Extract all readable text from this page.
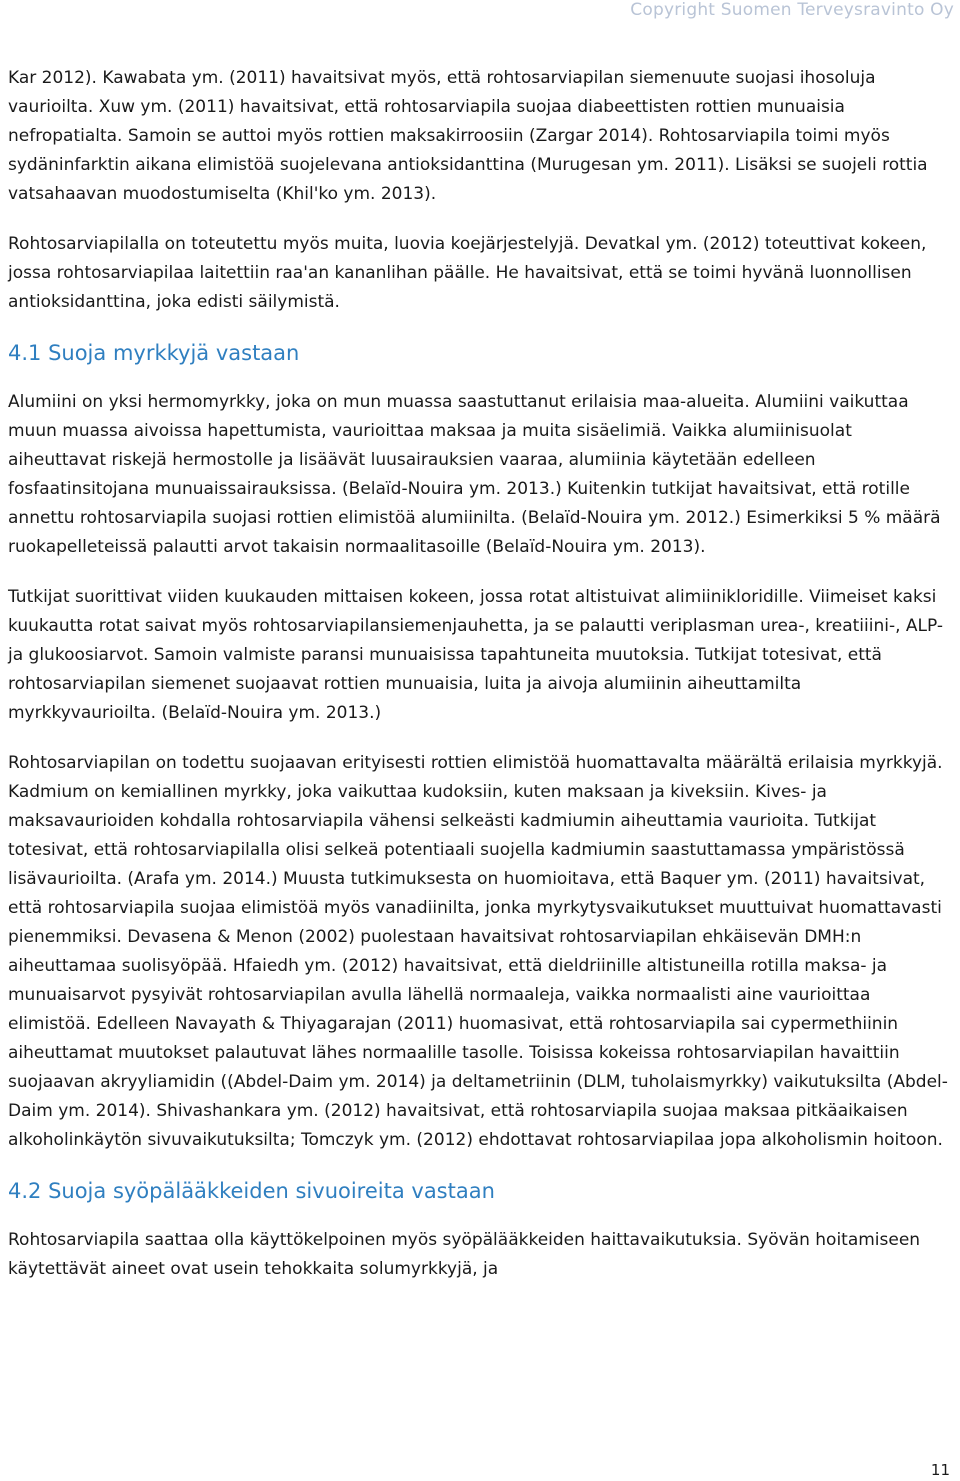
Copyright Suomen Terveysravinto Oy

Kar 2012). Kawabata ym. (2011) havaitsivat myös, että rohtosarviapilan siemenuute suojasi ihosoluja vaurioilta. Xuw ym. (2011) havaitsivat, että rohtosarviapila suojaa diabeettisten rottien munuaisia nefropatialta. Samoin se auttoi myös rottien maksakirroosiin (Zargar 2014). Rohtosarviapila toimi myös sydäninfarktin aikana elimistöä suojelevana antioksidanttina (Murugesan ym. 2011). Lisäksi se suojeli rottia vatsahaavan muodostumiselta (Khil'ko ym. 2013).

Rohtosarviapilalla on toteutettu myös muita, luovia koejärjestelyjä. Devatkal ym. (2012) toteuttivat kokeen, jossa rohtosarviapilaa laitettiin raa'an kananlihan päälle. He havaitsivat, että se toimi hyvänä luonnollisen antioksidanttina, joka edisti säilymistä.

4.1 Suoja myrkkyjä vastaan

Alumiini on yksi hermomyrkky, joka on mun muassa saastuttanut erilaisia maa-alueita. Alumiini vaikuttaa muun muassa aivoissa hapettumista, vaurioittaa maksaa ja muita sisäelimiä. Vaikka alumiinisuolat aiheuttavat riskejä hermostolle ja lisäävät luusairauksien vaaraa, alumiinia käytetään edelleen fosfaatinsitojana munuaissairauksissa. (Belaïd-Nouira ym. 2013.) Kuitenkin tutkijat havaitsivat, että rotille annettu rohtosarviapila suojasi rottien elimistöä alumiinilta. (Belaïd-Nouira ym. 2012.) Esimerkiksi 5 % määrä ruokapelleteissä palautti arvot takaisin normaalitasoille (Belaïd-Nouira ym. 2013).

Tutkijat suorittivat viiden kuukauden mittaisen kokeen, jossa rotat altistuivat alimiinikloridille. Viimeiset kaksi kuukautta rotat saivat myös rohtosarviapilansiemenjauhetta, ja se palautti veriplasman urea-, kreatiiini-, ALP- ja glukoosiarvot. Samoin valmiste paransi munuaisissa tapahtuneita muutoksia. Tutkijat totesivat, että rohtosarviapilan siemenet suojaavat rottien munuaisia, luita ja aivoja alumiinin aiheuttamilta myrkkyvaurioilta. (Belaïd-Nouira ym. 2013.)

Rohtosarviapilan on todettu suojaavan erityisesti rottien elimistöä huomattavalta määrältä erilaisia myrkkyjä. Kadmium on kemiallinen myrkky, joka vaikuttaa kudoksiin, kuten maksaan ja kiveksiin. Kives- ja maksavaurioiden kohdalla rohtosarviapila vähensi selkeästi kadmiumin aiheuttamia vaurioita. Tutkijat totesivat, että rohtosarviapilalla olisi selkeä potentiaali suojella kadmiumin saastuttamassa ympäristössä lisävaurioilta. (Arafa ym. 2014.) Muusta tutkimuksesta on huomioitava, että Baquer ym. (2011) havaitsivat, että rohtosarviapila suojaa elimistöä myös vanadiinilta, jonka myrkytysvaikutukset muuttuivat huomattavasti pienemmiksi. Devasena & Menon (2002) puolestaan havaitsivat rohtosarviapilan ehkäisevän DMH:n aiheuttamaa suolisyöpää. Hfaiedh ym. (2012) havaitsivat, että dieldriinille altistuneilla rotilla maksa- ja munuaisarvot pysyivät rohtosarviapilan avulla lähellä normaaleja, vaikka normaalisti aine vaurioittaa elimistöä. Edelleen Navayath & Thiyagarajan (2011) huomasivat, että rohtosarviapila sai cypermethiinin aiheuttamat muutokset palautuvat lähes normaalille tasolle. Toisissa kokeissa rohtosarviapilan havaittiin suojaavan akryyliamidin ((Abdel-Daim ym. 2014) ja deltametriinin (DLM, tuholaismyrkky) vaikutuksilta (Abdel-Daim ym. 2014). Shivashankara ym. (2012) havaitsivat, että rohtosarviapila suojaa maksaa pitkäaikaisen alkoholinkäytön sivuvaikutuksilta; Tomczyk ym. (2012) ehdottavat rohtosarviapilaa jopa alkoholismin hoitoon.

4.2 Suoja syöpälääkkeiden sivuoireita vastaan

Rohtosarviapila saattaa olla käyttökelpoinen myös syöpälääkkeiden haittavaikutuksia. Syövän hoitamiseen käytettävät aineet ovat usein tehokkaita solumyrkkyjä, ja

11
